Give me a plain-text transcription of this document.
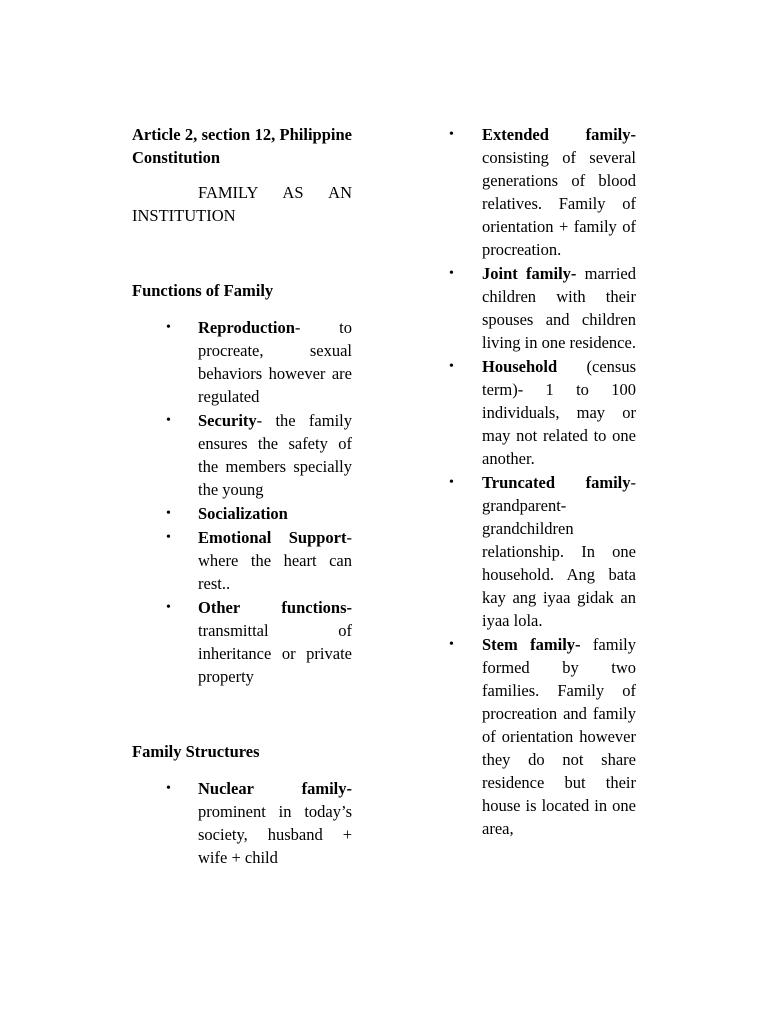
Article 2, section 12, Philippine Constitution

FAMILY AS AN INSTITUTION

Functions of Family

• Reproduction- to procreate, sexual behaviors however are regulated
• Security- the family ensures the safety of the members specially the young
• Socialization
• Emotional Support- where the heart can rest..
• Other functions- transmittal of inheritance or private property

Family Structures

• Nuclear family- prominent in today’s society, husband + wife + child
• Extended family- consisting of several generations of blood relatives. Family of orientation + family of procreation.
• Joint family- married children with their spouses and children living in one residence.
• Household (census term)- 1 to 100 individuals, may or may not related to one another.
• Truncated family- grandparent-grandchildren relationship. In one household. Ang bata kay ang iyaa gidak an iyaa lola.
• Stem family- family formed by two families. Family of procreation and family of orientation however they do not share residence but their house is located in one area,
